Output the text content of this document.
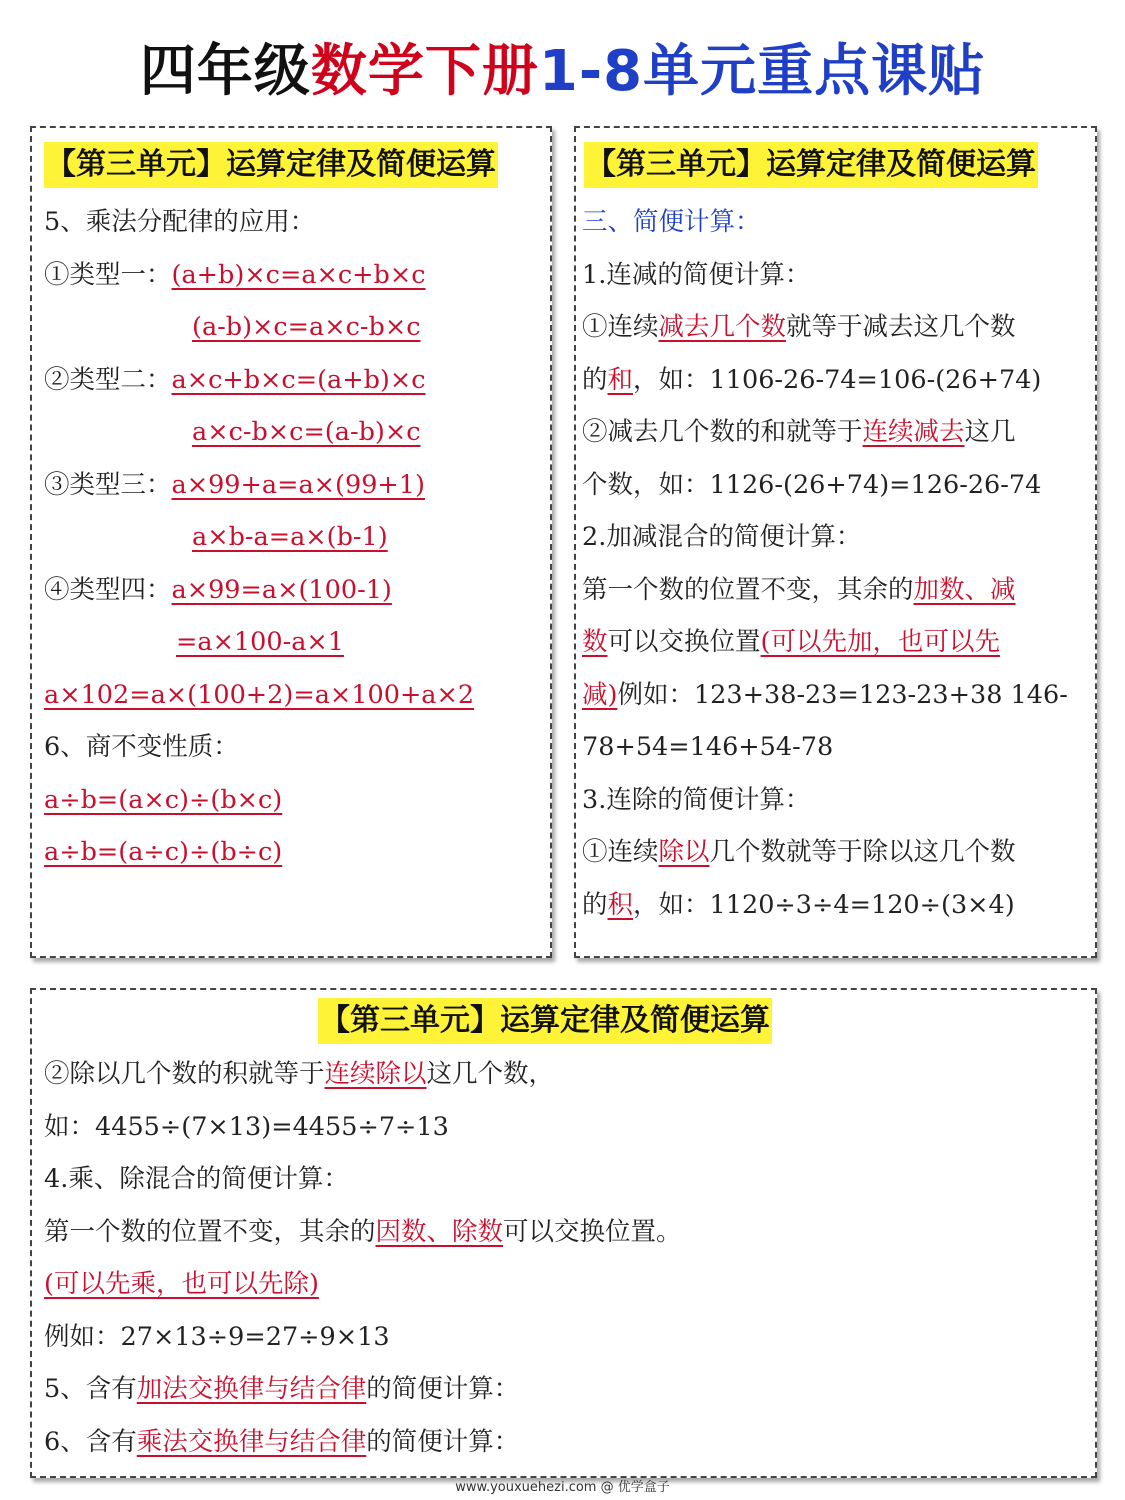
四年级数学下册1-8单元重点课贴
【第三单元】运算定律及简便运算
5、乘法分配律的应用：
①类型一：(a+b)×c=a×c+b×c
(a-b)×c=a×c-b×c
②类型二：a×c+b×c=(a+b)×c
a×c-b×c=(a-b)×c
③类型三：a×99+a=a×(99+1)
a×b-a=a×(b-1)
④类型四：a×99=a×(100-1)
=a×100-a×1
a×102=a×(100+2)=a×100+a×2
6、商不变性质：
a÷b=(a×c)÷(b×c)
a÷b=(a÷c)÷(b÷c)
【第三单元】运算定律及简便运算
三、简便计算：
1.连减的简便计算：
①连续减去几个数就等于减去这几个数
的和，如：1106-26-74=106-(26+74)
②减去几个数的和就等于连续减去这几
个数，如：1126-(26+74)=126-26-74
2.加减混合的简便计算：
第一个数的位置不变，其余的加数、减
数可以交换位置(可以先加，也可以先
减)例如：123+38-23=123-23+38 146-
78+54=146+54-78
3.连除的简便计算：
①连续除以几个数就等于除以这几个数
的积，如：1120÷3÷4=120÷(3×4)
【第三单元】运算定律及简便运算
②除以几个数的积就等于连续除以这几个数，
如：4455÷(7×13)=4455÷7÷13
4.乘、除混合的简便计算：
第一个数的位置不变，其余的因数、除数可以交换位置。
(可以先乘，也可以先除)
例如：27×13÷9=27÷9×13
5、含有加法交换律与结合律的简便计算：
6、含有乘法交换律与结合律的简便计算：
www.youxuehezi.com @ 优学盒子
